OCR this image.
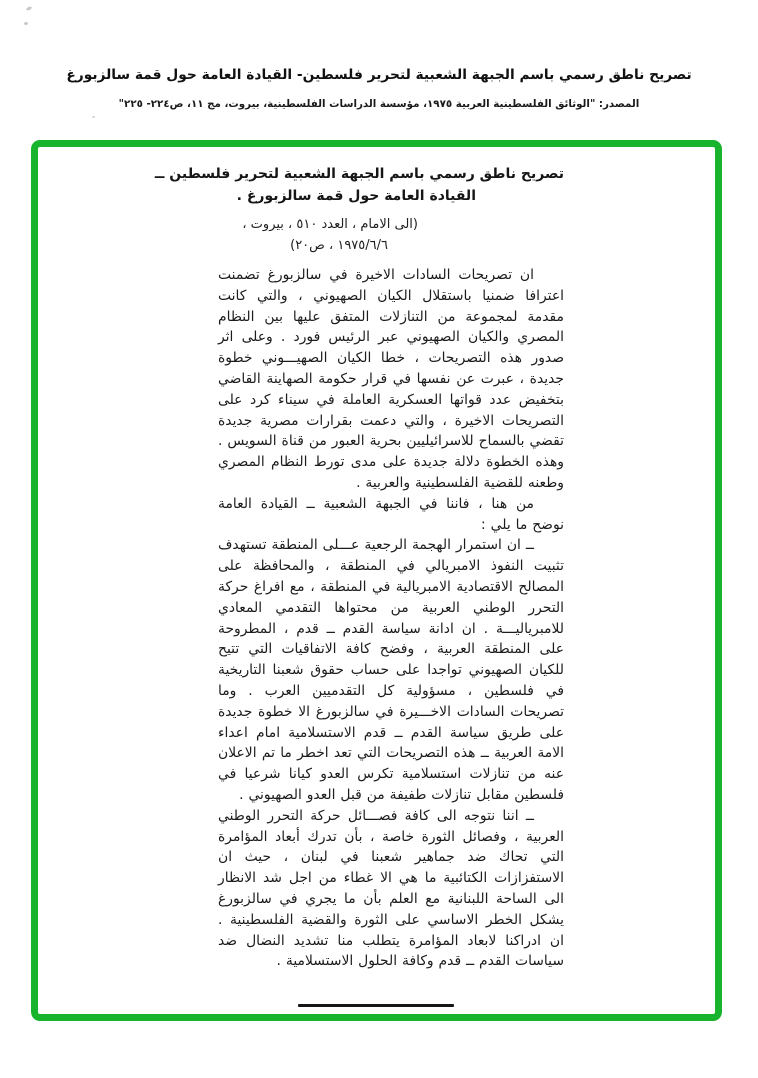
تصريح ناطق رسمي باسم الجبهة الشعبية لتحرير فلسطين- القيادة العامة حول قمة سالزبورغ
المصدر: "الوثائق الفلسطينية العربية ١٩٧٥، مؤسسة الدراسات الفلسطينية، بيروت، مج ١١، ص٢٢٤- ٢٢٥"
تصريح ناطق رسمي باسم الجبهة الشعبية لتحرير فلسطين ــ
القيادة العامة حول قمة سالزبورغ .
(الى الامام ، العدد ٥١٠ ، بيروت ،
١٩٧٥/٦/٦ ، ص٢٠)

ان تصريحات السادات الاخيرة في سالزبورغ تضمنت اعترافا ضمنيا باستقلال الكيان الصهيوني ، والتي كانت مقدمة لمجموعة من التنازلات المتفق عليها بين النظام المصري والكيان الصهيوني عبر الرئيس فورد . وعلى اثر صدور هذه التصريحات ، خطا الكيان الصهيـــوني خطوة جديدة ، عبرت عن نفسها في قرار حكومة الصهاينة القاضي بتخفيض عدد قواتها العسكرية العاملة في سيناء كرد على التصريحات الاخيرة ، والتي دعمت بقرارات مصرية جديدة تقضي بالسماح للاسرائيليين بحرية العبور من قناة السويس . وهذه الخطوة دلالة جديدة على مدى تورط النظام المصري وطعنه للقضية الفلسطينية والعربية .

من هنا ، فاننا في الجبهة الشعبية ــ القيادة العامة نوضح ما يلي :

ــ ان استمرار الهجمة الرجعية عـــلى المنطقة تستهدف تثبيت النفوذ الامبريالي في المنطقة ، والمحافظة على المصالح الاقتصادية الامبريالية في المنطقة ، مع افراغ حركة التحرر الوطني العربية من محتواها التقدمي المعادي للامبرياليـــة . ان ادانة سياسة القدم ــ قدم ، المطروحة على المنطقة العربية ، وفضح كافة الاتفاقيات التي تتيح للكيان الصهيوني تواجدا على حساب حقوق شعبنا التاريخية في فلسطين ، مسؤولية كل التقدميين العرب . وما تصريحات السادات الاخـــيرة في سالزبورغ الا خطوة جديدة على طريق سياسة القدم ــ قدم الاستسلامية امام اعداء الامة العربية ــ هذه التصريحات التي تعد اخطر ما تم الاعلان عنه من تنازلات استسلامية تكرس العدو كيانا شرعيا في فلسطين مقابل تنازلات طفيفة من قبل العدو الصهيوني .

ــ اننا نتوجه الى كافة فصـــائل حركة التحرر الوطني العربية ، وفصائل الثورة خاصة ، بأن تدرك أبعاد المؤامرة التي تحاك ضد جماهير شعبنا في لبنان ، حيث ان الاستفزازات الكتائبية ما هي الا غطاء من اجل شد الانظار الى الساحة اللبنانية مع العلم بأن ما يجري في سالزبورغ يشكل الخطر الاساسي على الثورة والقضية الفلسطينية . ان ادراكنا لابعاد المؤامرة يتطلب منا تشديد النضال ضد سياسات القدم ــ قدم وكافة الحلول الاستسلامية .
